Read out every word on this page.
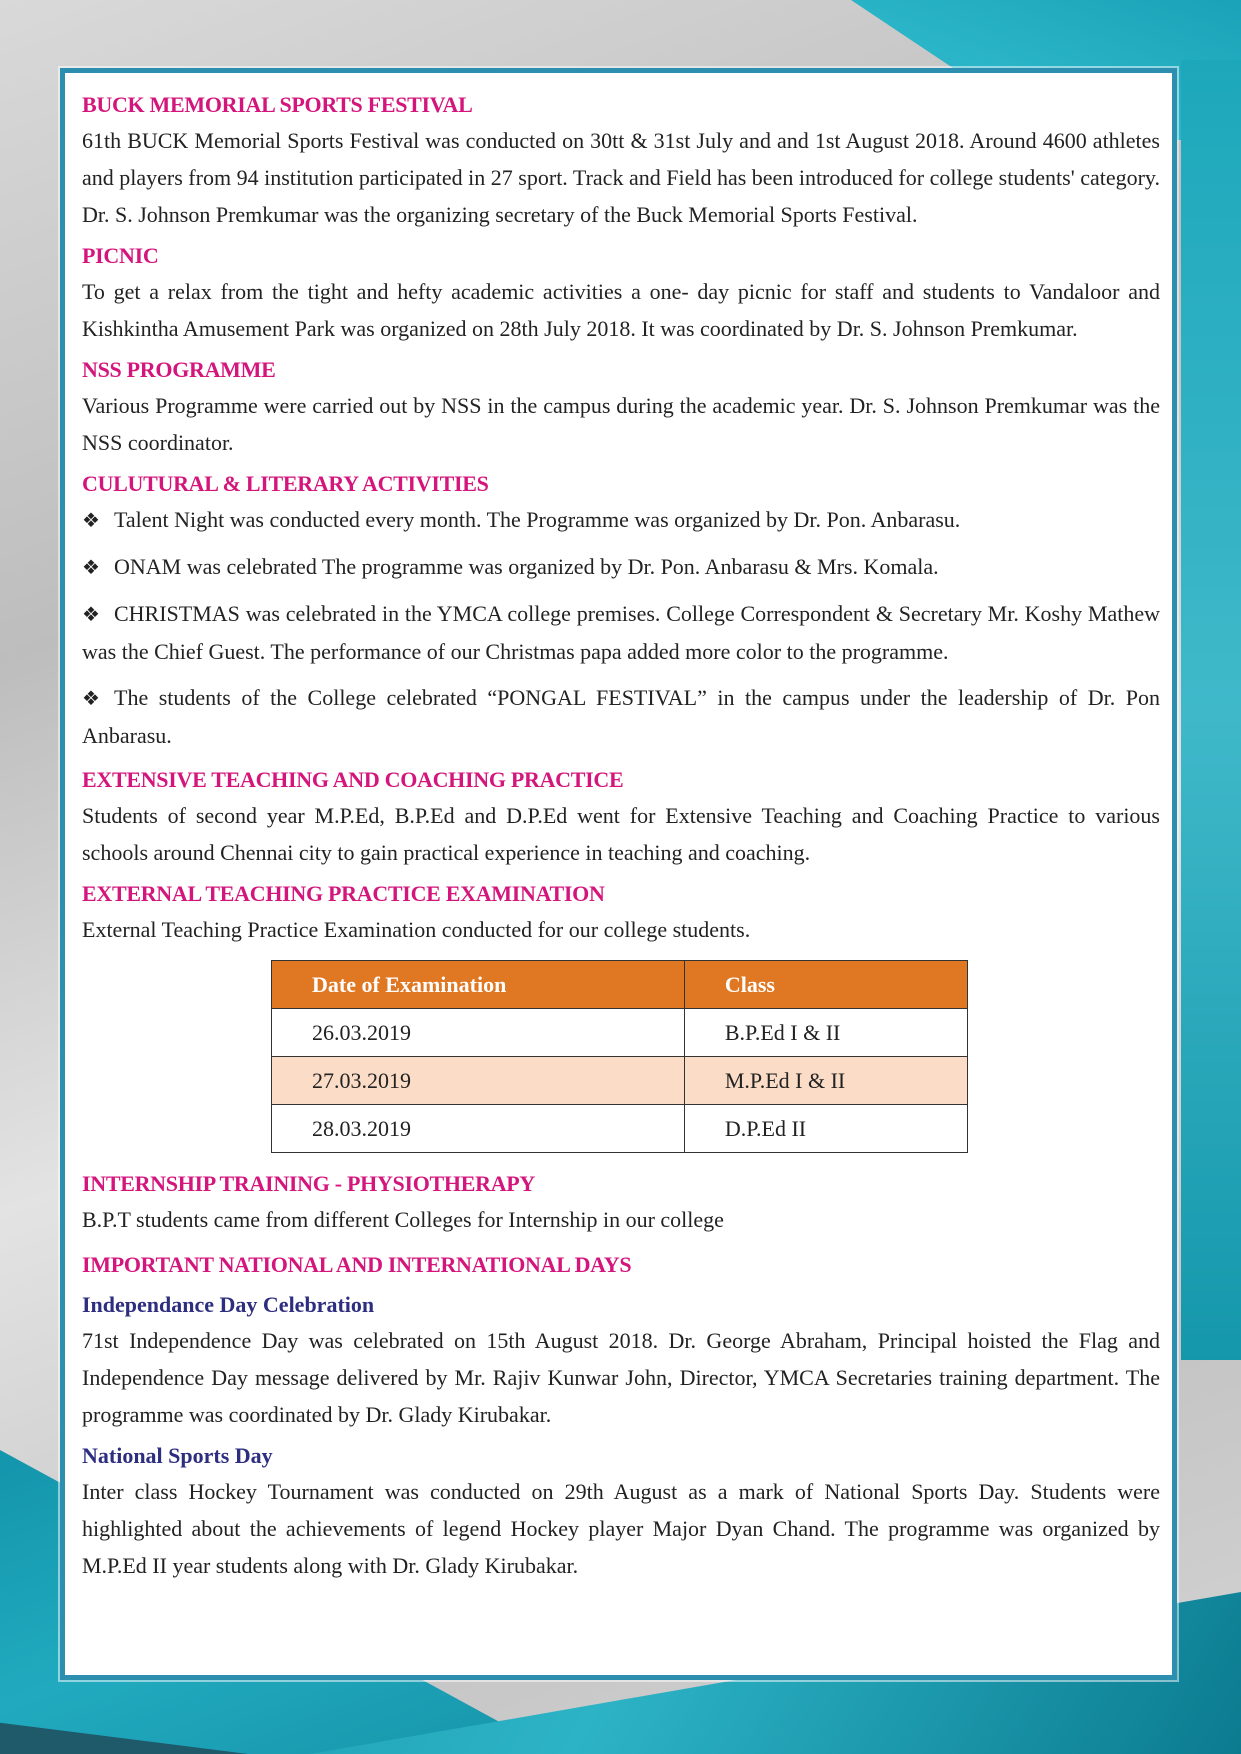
BUCK MEMORIAL SPORTS FESTIVAL

61th BUCK Memorial Sports Festival was conducted on 30tt & 31st July and and 1st August 2018. Around 4600 athletes and players from 94 institution participated in 27 sport. Track and Field has been introduced for college students' category. Dr. S. Johnson Premkumar was the organizing secretary of the Buck Memorial Sports Festival.

PICNIC

To get a relax from the tight and hefty academic activities a one- day picnic for staff and students to Vandaloor and Kishkintha Amusement Park was organized on 28th July 2018. It was coordinated by Dr. S. Johnson Premkumar.

NSS PROGRAMME

Various Programme were carried out by NSS in the campus during the academic year. Dr. S. Johnson Premkumar was the NSS coordinator.

CULUTURAL & LITERARY ACTIVITIES
❖ Talent Night was conducted every month. The Programme was organized by Dr. Pon. Anbarasu.
❖ ONAM was celebrated The programme was organized by Dr. Pon. Anbarasu & Mrs. Komala.
❖ CHRISTMAS was celebrated in the YMCA college premises. College Correspondent & Secretary Mr. Koshy Mathew was the Chief Guest. The performance of our Christmas papa added more color to the programme.
❖ The students of the College celebrated “PONGAL FESTIVAL” in the campus under the leadership of Dr. Pon Anbarasu.
EXTENSIVE TEACHING AND COACHING PRACTICE

Students of second year M.P.Ed, B.P.Ed and D.P.Ed went for Extensive Teaching and Coaching Practice to various schools around Chennai city to gain practical experience in teaching and coaching.

EXTERNAL TEACHING PRACTICE EXAMINATION

External Teaching Practice Examination conducted for our college students.

Date of Examination	Class
26.03.2019	B.P.Ed I & II
27.03.2019	M.P.Ed I & II
28.03.2019	D.P.Ed II
INTERNSHIP TRAINING - PHYSIOTHERAPY

B.P.T students came from different Colleges for Internship in our college

IMPORTANT NATIONAL AND INTERNATIONAL DAYS
Independance Day Celebration

71st Independence Day was celebrated on 15th August 2018. Dr. George Abraham, Principal hoisted the Flag and Independence Day message delivered by Mr. Rajiv Kunwar John, Director, YMCA Secretaries training department. The programme was coordinated by Dr. Glady Kirubakar.

National Sports Day

Inter class Hockey Tournament was conducted on 29th August as a mark of National Sports Day. Students were highlighted about the achievements of legend Hockey player Major Dyan Chand. The programme was organized by M.P.Ed II year students along with Dr. Glady Kirubakar.
